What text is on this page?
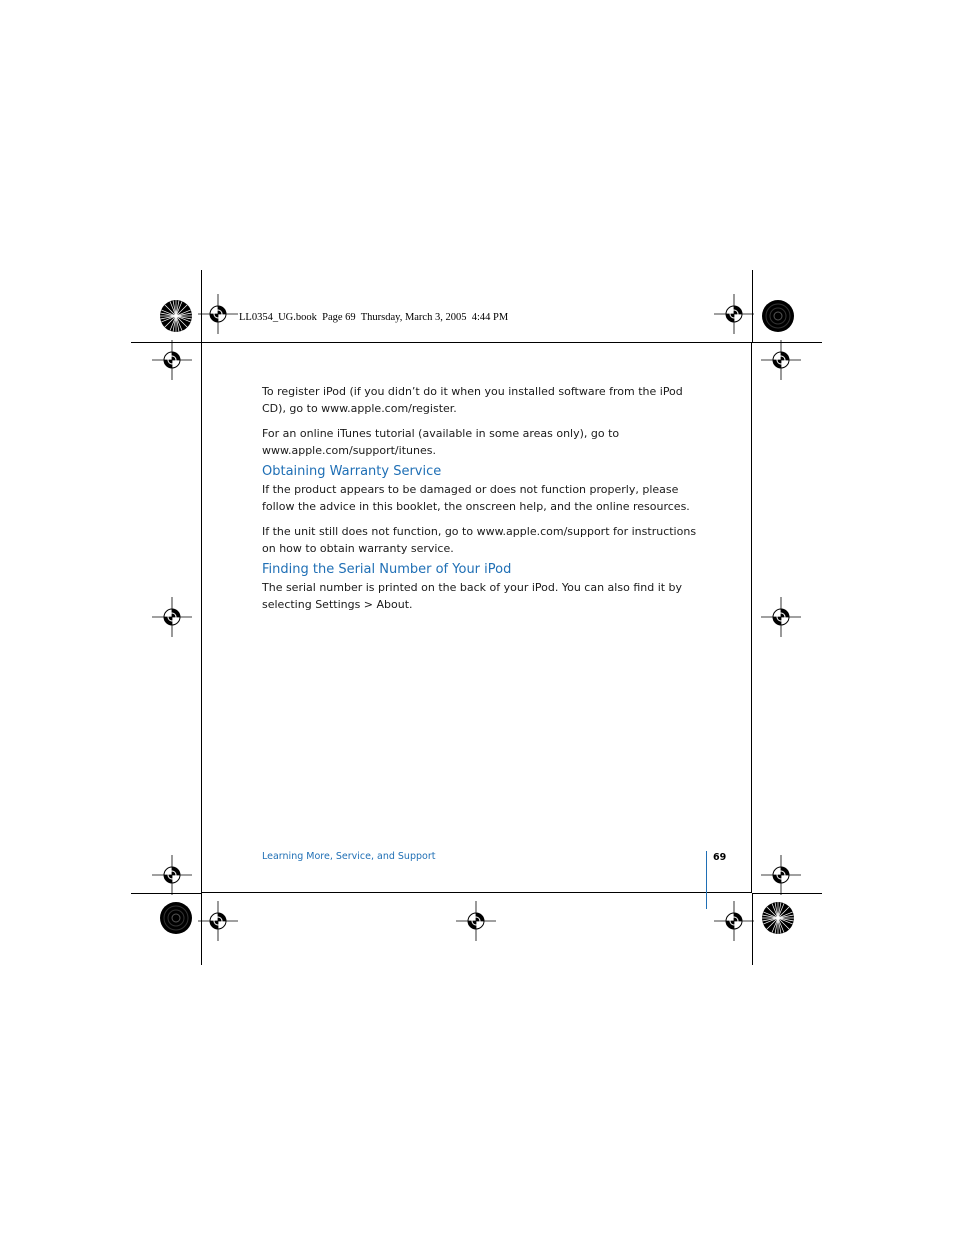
LL0354_UG.book  Page 69  Thursday, March 3, 2005  4:44 PM

To register iPod (if you didn’t do it when you installed software from the iPod CD), go to www.apple.com/register.

For an online iTunes tutorial (available in some areas only), go to www.apple.com/support/itunes.

Obtaining Warranty Service

If the product appears to be damaged or does not function properly, please follow the advice in this booklet, the onscreen help, and the online resources.

If the unit still does not function, go to www.apple.com/support for instructions on how to obtain warranty service.

Finding the Serial Number of Your iPod

The serial number is printed on the back of your iPod. You can also find it by selecting Settings > About.

Learning More, Service, and Support	69
